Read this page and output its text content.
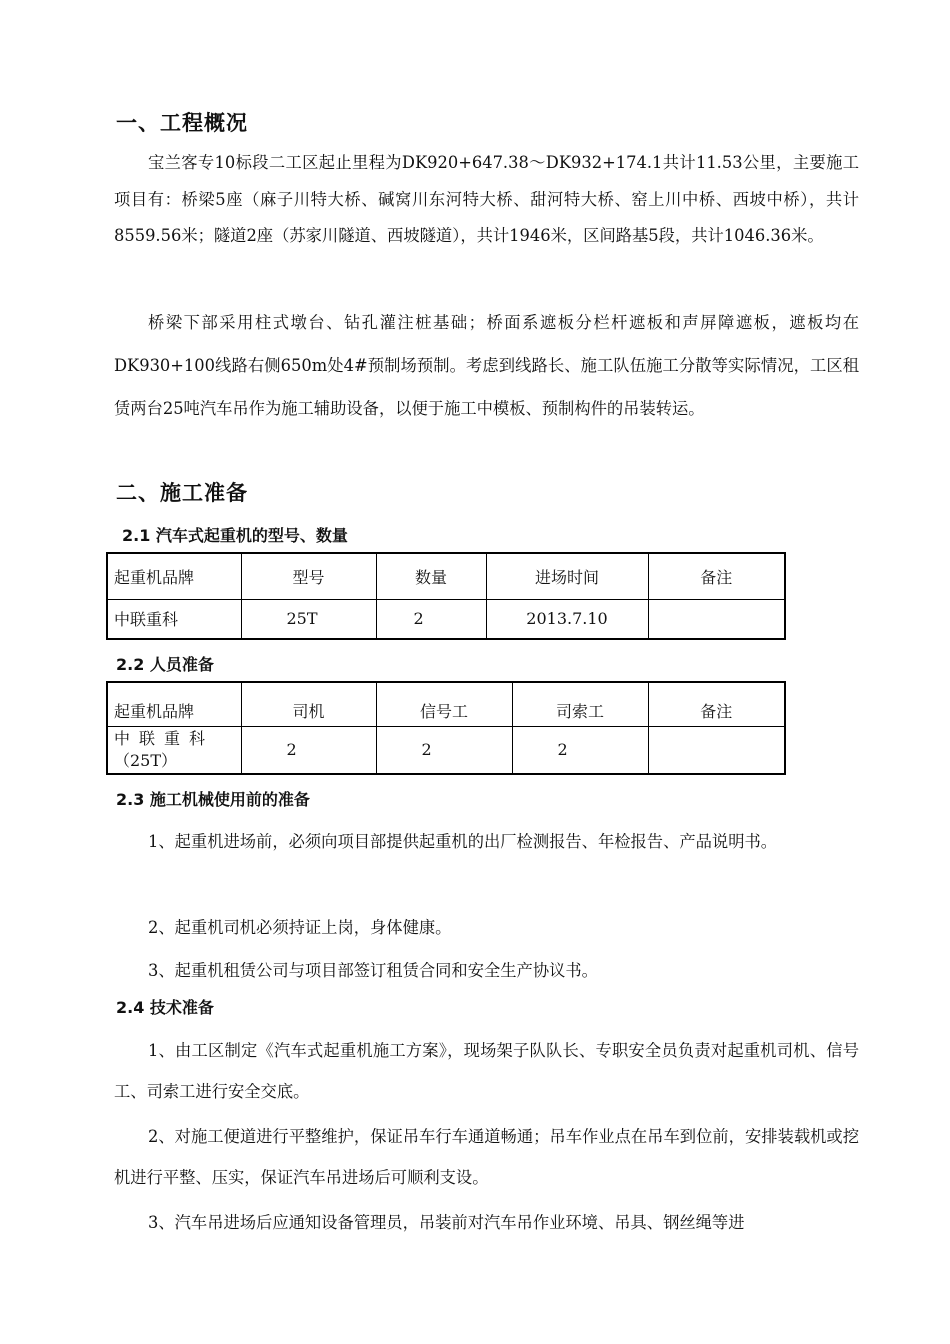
一、工程概况

宝兰客专10标段二工区起止里程为DK920+647.38～DK932+174.1共计11.53公里，主要施工项目有：桥梁5座（麻子川特大桥、碱窝川东河特大桥、甜河特大桥、窑上川中桥、西坡中桥），共计8559.56米；隧道2座（苏家川隧道、西坡隧道），共计1946米，区间路基5段，共计1046.36米。

桥梁下部采用柱式墩台、钻孔灌注桩基础；桥面系遮板分栏杆遮板和声屏障遮板，遮板均在DK930+100线路右侧650m处4#预制场预制。考虑到线路长、施工队伍施工分散等实际情况，工区租赁两台25吨汽车吊作为施工辅助设备，以便于施工中模板、预制构件的吊装转运。

二、施工准备
2.1 汽车式起重机的型号、数量
起重机品牌	型号	数量	进场时间	备注
中联重科	25T	2	2013.7.10	
2.2 人员准备
起重机品牌	司机	信号工	司索工	备注

中联重科
（25T）	2	2	2	
2.3 施工机械使用前的准备

1、起重机进场前，必须向项目部提供起重机的出厂检测报告、年检报告、产品说明书。

2、起重机司机必须持证上岗，身体健康。

3、起重机租赁公司与项目部签订租赁合同和安全生产协议书。

2.4 技术准备

1、由工区制定《汽车式起重机施工方案》，现场架子队队长、专职安全员负责对起重机司机、信号工、司索工进行安全交底。

2、对施工便道进行平整维护，保证吊车行车通道畅通；吊车作业点在吊车到位前，安排装载机或挖机进行平整、压实，保证汽车吊进场后可顺利支设。

3、汽车吊进场后应通知设备管理员，吊装前对汽车吊作业环境、吊具、钢丝绳等进
